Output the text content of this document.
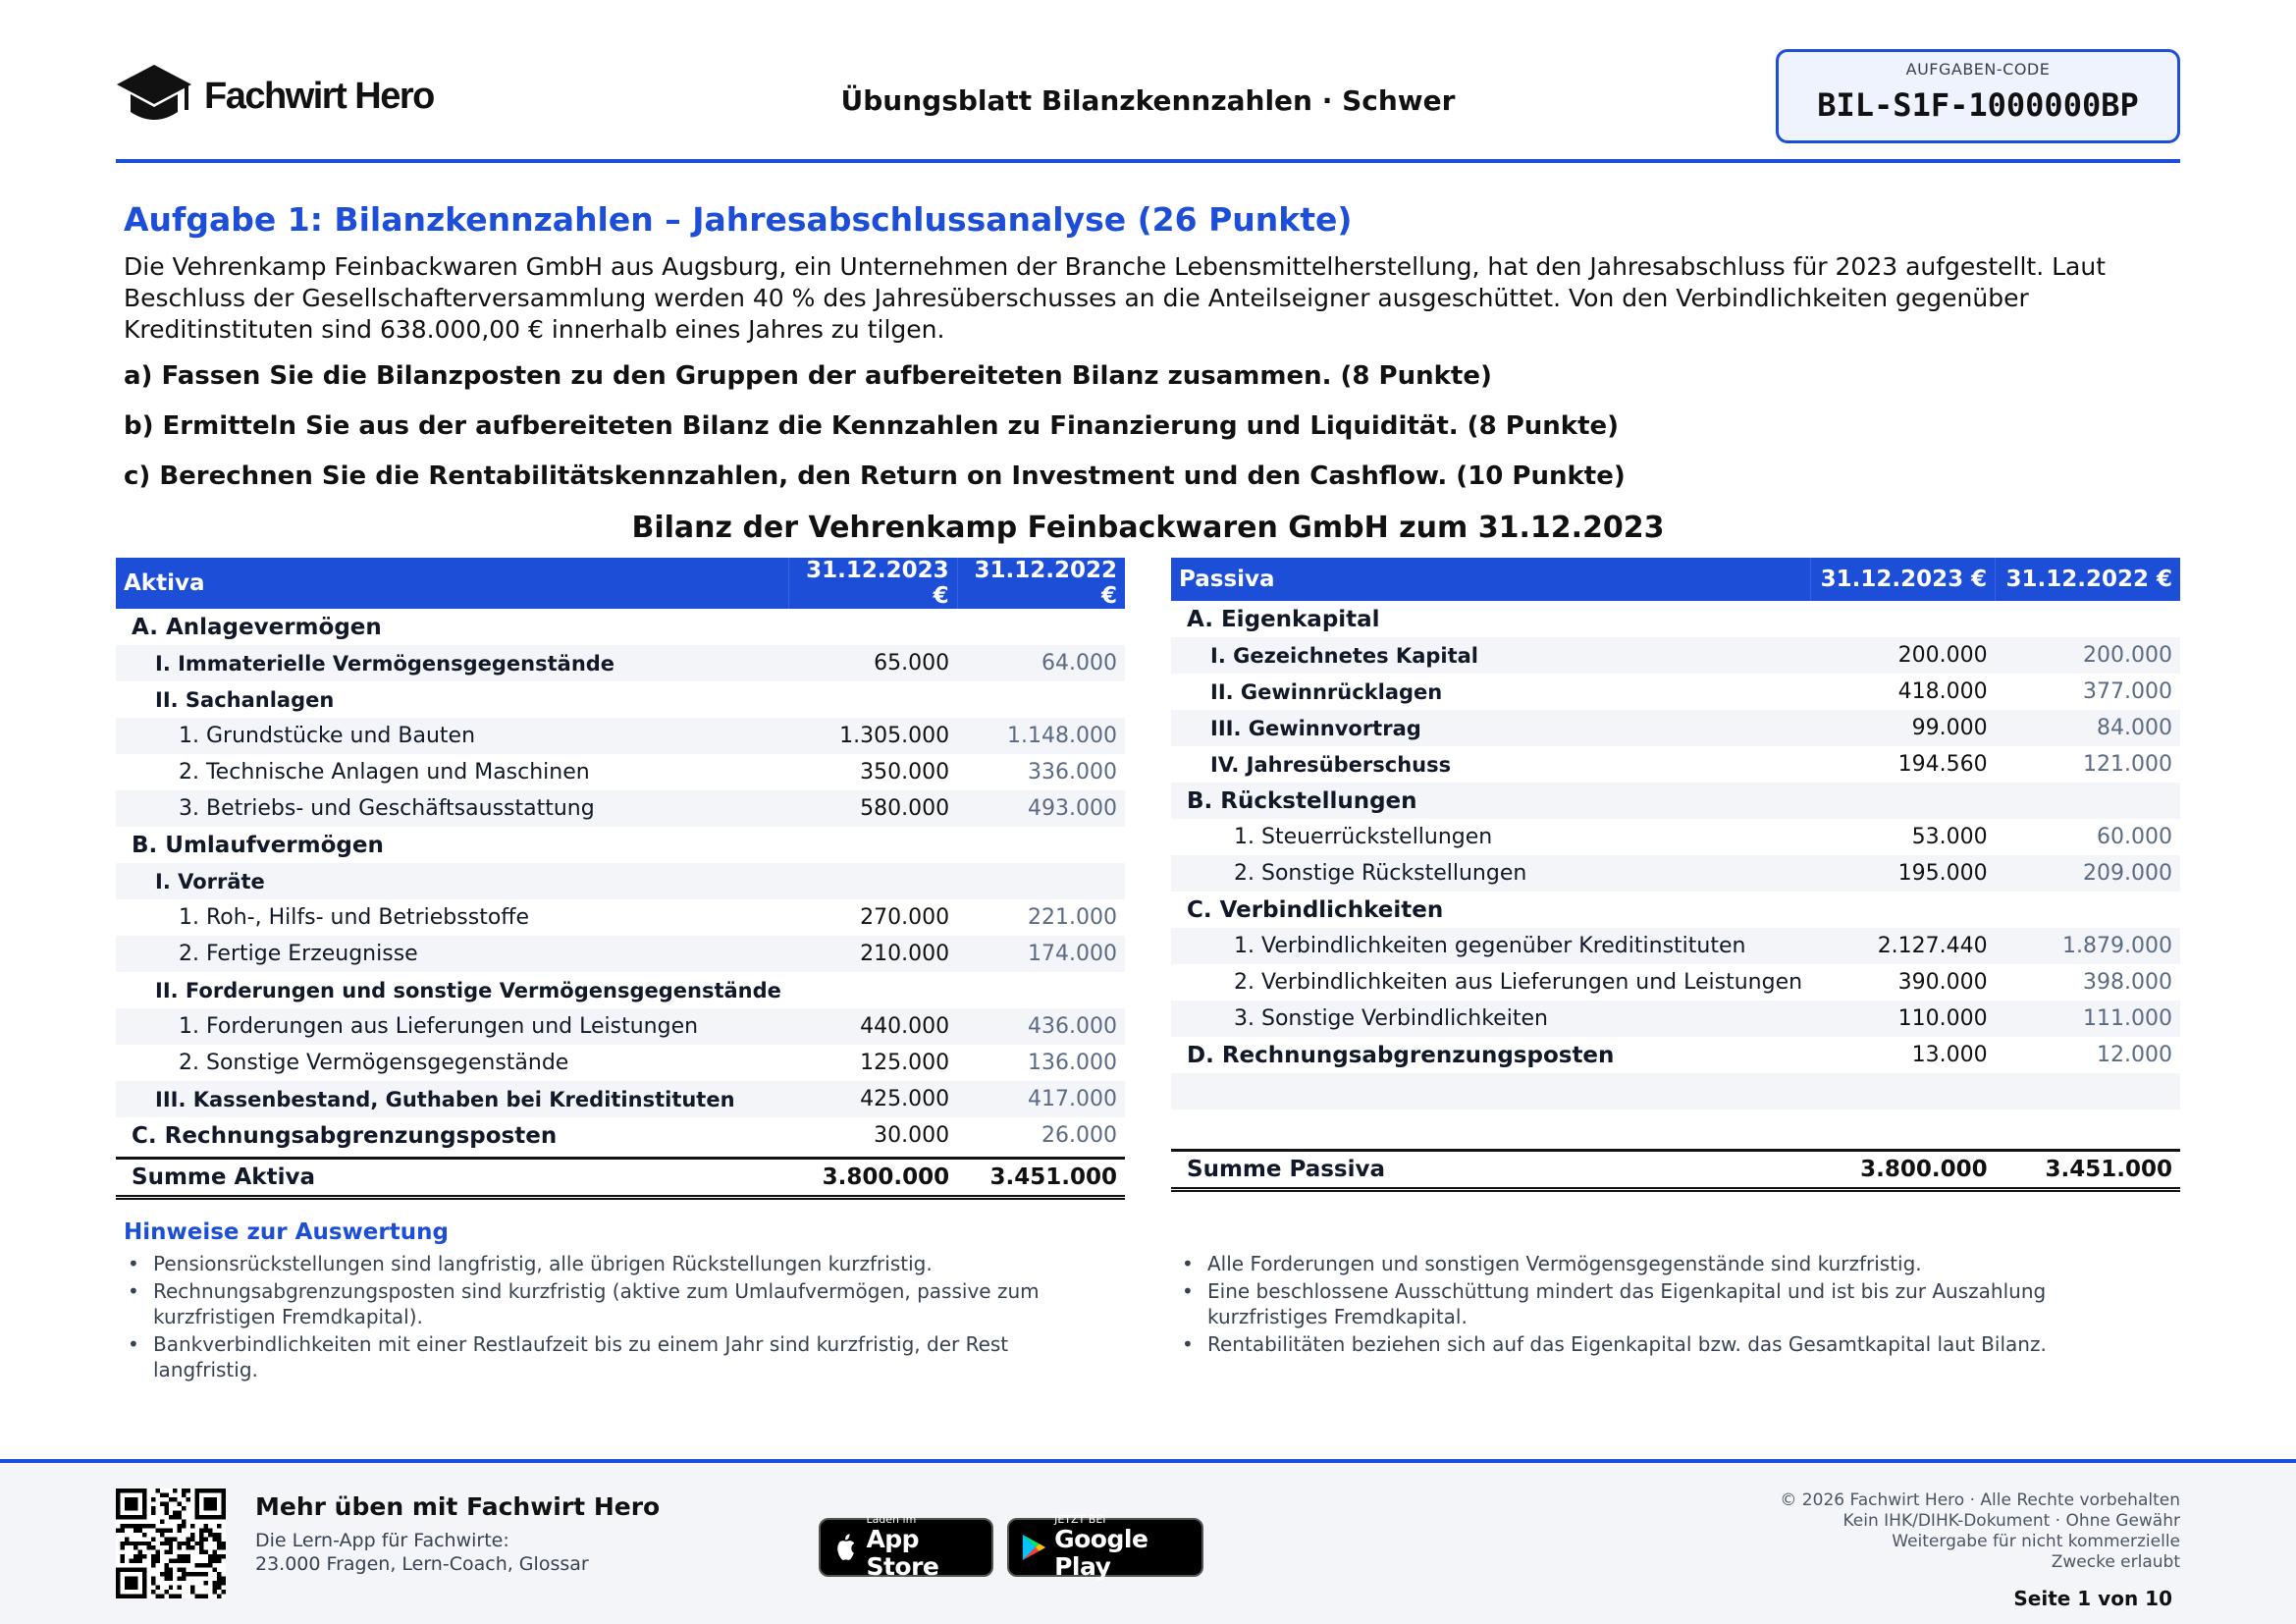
Fachwirt Hero	Übungsblatt Bilanzkennzahlen · Schwer
AUFGABEN-CODE
BIL-S1F-1000000BP
Aufgabe 1: Bilanzkennzahlen – Jahresabschlussanalyse (26 Punkte)
Die Vehrenkamp Feinbackwaren GmbH aus Augsburg, ein Unternehmen der Branche Lebensmittelherstellung, hat den Jahresabschluss für 2023 aufgestellt. Laut Beschluss der Gesellschafterversammlung werden 40 % des Jahresüberschusses an die Anteilseigner ausgeschüttet. Von den Verbindlichkeiten gegenüber Kreditinstituten sind 638.000,00 € innerhalb eines Jahres zu tilgen.
a) Fassen Sie die Bilanzposten zu den Gruppen der aufbereiteten Bilanz zusammen. (8 Punkte)
b) Ermitteln Sie aus der aufbereiteten Bilanz die Kennzahlen zu Finanzierung und Liquidität. (8 Punkte)
c) Berechnen Sie die Rentabilitätskennzahlen, den Return on Investment und den Cashflow. (10 Punkte)
Bilanz der Vehrenkamp Feinbackwaren GmbH zum 31.12.2023
Aktiva	31.12.2023 €	31.12.2022 €
A. Anlagevermögen		
I. Immaterielle Vermögensgegenstände	65.000	64.000
II. Sachanlagen		
1. Grundstücke und Bauten	1.305.000	1.148.000
2. Technische Anlagen und Maschinen	350.000	336.000
3. Betriebs- und Geschäftsausstattung	580.000	493.000
B. Umlaufvermögen		
I. Vorräte		
1. Roh-, Hilfs- und Betriebsstoffe	270.000	221.000
2. Fertige Erzeugnisse	210.000	174.000
II. Forderungen und sonstige Vermögensgegenstände		
1. Forderungen aus Lieferungen und Leistungen	440.000	436.000
2. Sonstige Vermögensgegenstände	125.000	136.000
III. Kassenbestand, Guthaben bei Kreditinstituten	425.000	417.000
C. Rechnungsabgrenzungsposten	30.000	26.000

Summe Aktiva	3.800.000	3.451.000
Passiva	31.12.2023 €	31.12.2022 €
A. Eigenkapital		
I. Gezeichnetes Kapital	200.000	200.000
II. Gewinnrücklagen	418.000	377.000
III. Gewinnvortrag	99.000	84.000
IV. Jahresüberschuss	194.560	121.000
B. Rückstellungen		
1. Steuerrückstellungen	53.000	60.000
2. Sonstige Rückstellungen	195.000	209.000
C. Verbindlichkeiten		
1. Verbindlichkeiten gegenüber Kreditinstituten	2.127.440	1.879.000
2. Verbindlichkeiten aus Lieferungen und Leistungen	390.000	398.000
3. Sonstige Verbindlichkeiten	110.000	111.000
D. Rechnungsabgrenzungsposten	13.000	12.000

Summe Passiva	3.800.000	3.451.000
Hinweise zur Auswertung
• Pensionsrückstellungen sind langfristig, alle übrigen Rückstellungen kurzfristig.
• Rechnungsabgrenzungsposten sind kurzfristig (aktive zum Umlaufvermögen, passive zum kurzfristigen Fremdkapital).
• Bankverbindlichkeiten mit einer Restlaufzeit bis zu einem Jahr sind kurzfristig, der Rest langfristig.
• Alle Forderungen und sonstigen Vermögensgegenstände sind kurzfristig.
• Eine beschlossene Ausschüttung mindert das Eigenkapital und ist bis zur Auszahlung kurzfristiges Fremdkapital.
• Rentabilitäten beziehen sich auf das Eigenkapital bzw. das Gesamtkapital laut Bilanz.
Mehr üben mit Fachwirt Hero
Die Lern-App für Fachwirte:
23.000 Fragen, Lern-Coach, Glossar
Laden im
App Store
JETZT BEI
Google Play
© 2026 Fachwirt Hero · Alle Rechte vorbehalten
Kein IHK/DIHK-Dokument · Ohne Gewähr
Weitergabe für nicht kommerzielle
Zwecke erlaubt
Seite 1 von 10
